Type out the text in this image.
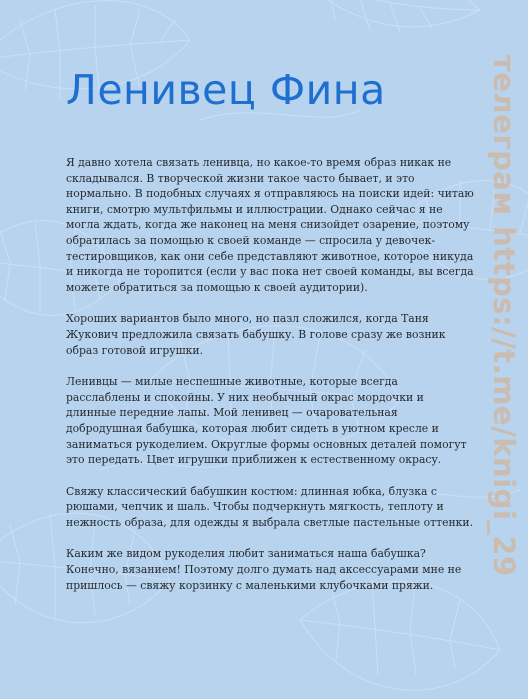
Ленивец Фина

Я давно хотела связать ленивца, но какое-то время образ никак не складывался. В творческой жизни такое часто бывает, и это нормально. В подобных случаях я отправляюсь на поиски идей: читаю книги, смотрю мультфильмы и иллюстрации. Однако сейчас я не могла ждать, когда же наконец на меня снизойдет озарение, поэтому обратилась за помощью к своей команде — спросила у девочек-тестировщиков, как они себе представляют животное, которое никуда и никогда не торопится (если у вас пока нет своей команды, вы всегда можете обратиться за помощью к своей аудитории).

Хороших вариантов было много, но пазл сложился, когда Таня Жукович предложила связать бабушку. В голове сразу же возник образ готовой игрушки.

Ленивцы — милые неспешные животные, которые всегда расслаблены и спокойны. У них необычный окрас мордочки и длинные передние лапы. Мой ленивец — очаровательная добродушная бабушка, которая любит сидеть в уютном кресле и заниматься рукоделием. Округлые формы основных деталей помогут это передать. Цвет игрушки приближен к естественному окрасу.

Свяжу классический бабушкин костюм: длинная юбка, блузка с рюшами, чепчик и шаль. Чтобы подчеркнуть мягкость, теплоту и нежность образа, для одежды я выбрала светлые пастельные оттенки.

Каким же видом рукоделия любит заниматься наша бабушка? Конечно, вязанием! Поэтому долго думать над аксессуарами мне не пришлось — свяжу корзинку с маленькими клубочками пряжи.

телеграм https://t.me/knigi_29
